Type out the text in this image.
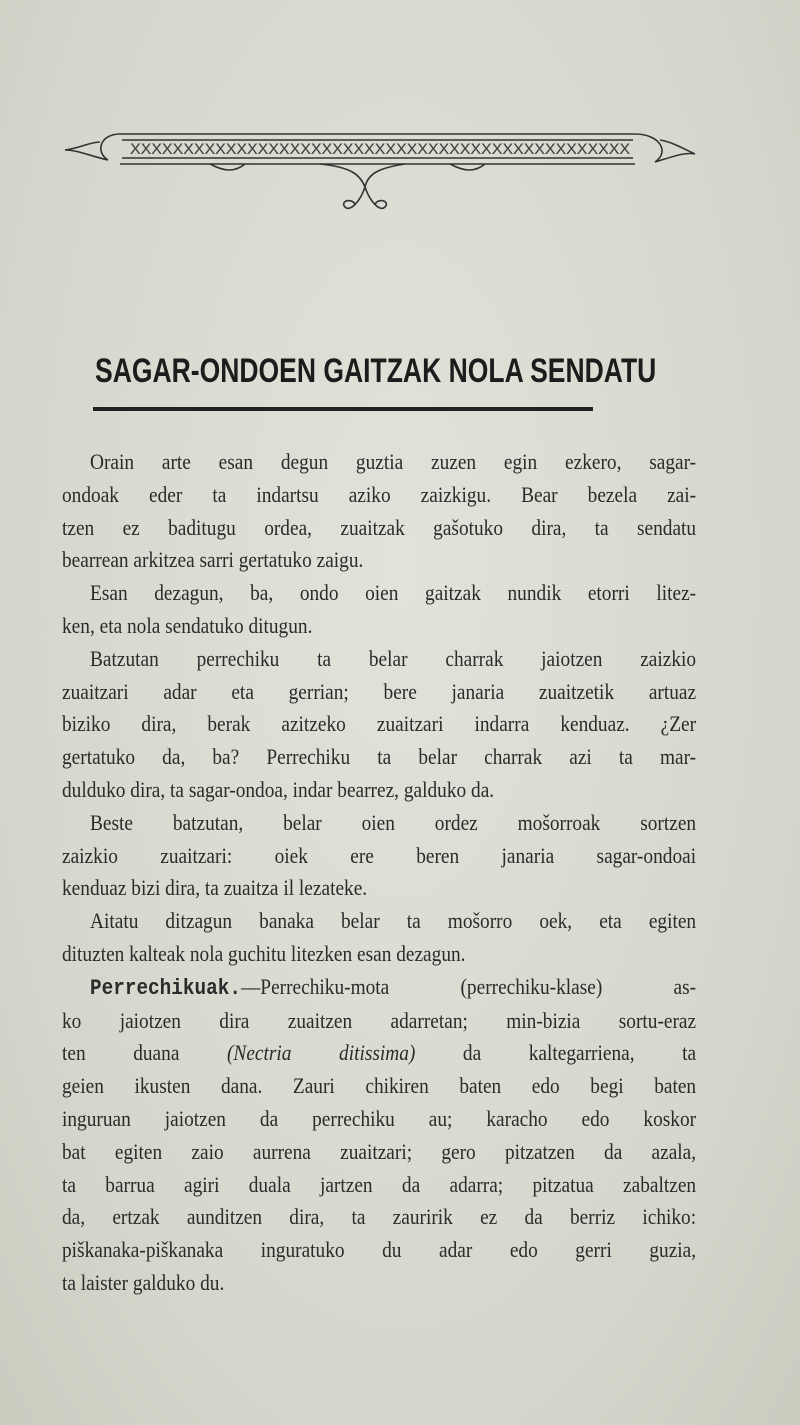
XXXXXXXXXXXXXXXXXXXXXXXXXXXXXXXXXXXXXXXXXXXXXXX
SAGAR-ONDOEN GAITZAK NOLA SENDATU
Orain arte esan degun guztia zuzen egin ezkero, sagar-
ondoak eder ta indartsu aziko zaizkigu. Bear bezela zai-
tzen ez baditugu ordea, zuaitzak gašotuko dira, ta sendatu
bearrean arkitzea sarri gertatuko zaigu.
Esan dezagun, ba, ondo oien gaitzak nundik etorri litez-
ken, eta nola sendatuko ditugun.
Batzutan perrechiku ta belar charrak jaiotzen zaizkio
zuaitzari adar eta gerrian; bere janaria zuaitzetik artuaz
biziko dira, berak azitzeko zuaitzari indarra kenduaz. ¿Zer
gertatuko da, ba? Perrechiku ta belar charrak azi ta mar-
dulduko dira, ta sagar-ondoa, indar bearrez, galduko da.
Beste batzutan, belar oien ordez mošorroak sortzen
zaizkio zuaitzari: oiek ere beren janaria sagar-ondoai
kenduaz bizi dira, ta zuaitza il lezateke.
Aitatu ditzagun banaka belar ta mošorro oek, eta egiten
dituzten kalteak nola guchitu litezken esan dezagun.
Perrechikuak.—Perrechiku-mota (perrechiku-klase) as-
ko jaiotzen dira zuaitzen adarretan; min-bizia sortu-eraz
ten duana (Nectria ditissima) da kaltegarriena, ta
geien ikusten dana. Zauri chikiren baten edo begi baten
inguruan jaiotzen da perrechiku au; karacho edo koskor
bat egiten zaio aurrena zuaitzari; gero pitzatzen da azala,
ta barrua agiri duala jartzen da adarra; pitzatua zabaltzen
da, ertzak aunditzen dira, ta zauririk ez da berriz ichiko:
piškanaka-piškanaka inguratuko du adar edo gerri guzia,
ta laister galduko du.
